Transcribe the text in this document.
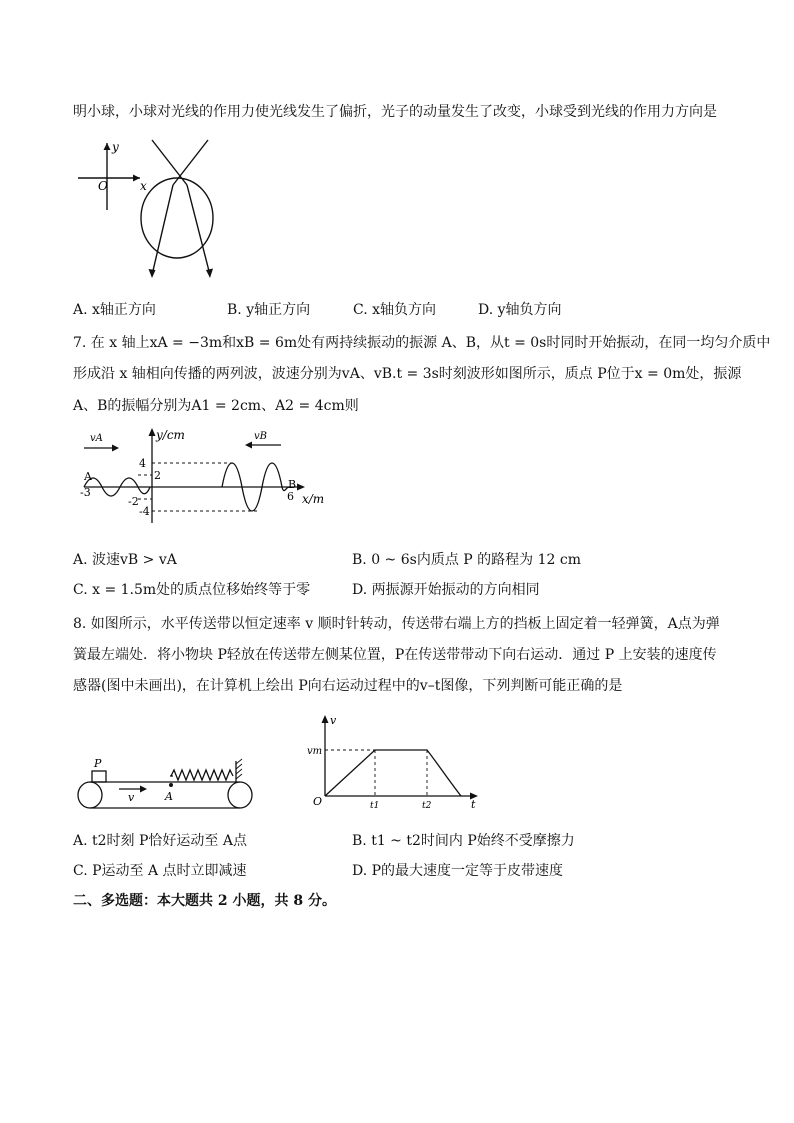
明小球，小球对光线的作用力使光线发生了偏折，光子的动量发生了改变，小球受到光线的作用力方向是
y
O	x
A. x轴正方向	B. y轴正方向	C. x轴负方向	D. y轴负方向
7. 在 x 轴上xA = −3m和xB = 6m处有两持续振动的振源 A、B，从t = 0s时同时开始振动，在同一均匀介质中
形成沿 x 轴相向传播的两列波，波速分别为vA、vB.t = 3s时刻波形如图所示，质点 P位于x = 0m处，振源
A、B的振幅分别为A1 = 2cm、A2 = 4cm则
vA	vB
y/cm
4
2
-2
-4
-3
A
B
6 x/m
A. 波速vB > vA	B. 0 ~ 6s内质点 P 的路程为 12 cm
C. x = 1.5m处的质点位移始终等于零	D. 两振源开始振动的方向相同
8. 如图所示，水平传送带以恒定速率 v 顺时针转动，传送带右端上方的挡板上固定着一轻弹簧，A点为弹
簧最左端处．将小物块 P轻放在传送带左侧某位置，P在传送带带动下向右运动．通过 P 上安装的速度传
感器(图中未画出)，在计算机上绘出 P向右运动过程中的v–t图像，下列判断可能正确的是
P
v	A
v
vm
O	t1	t2	t
A. t2时刻 P恰好运动至 A点	B. t1 ~ t2时间内 P始终不受摩擦力
C. P运动至 A 点时立即减速	D. P的最大速度一定等于皮带速度
二、多选题：本大题共 2 小题，共 8 分。
